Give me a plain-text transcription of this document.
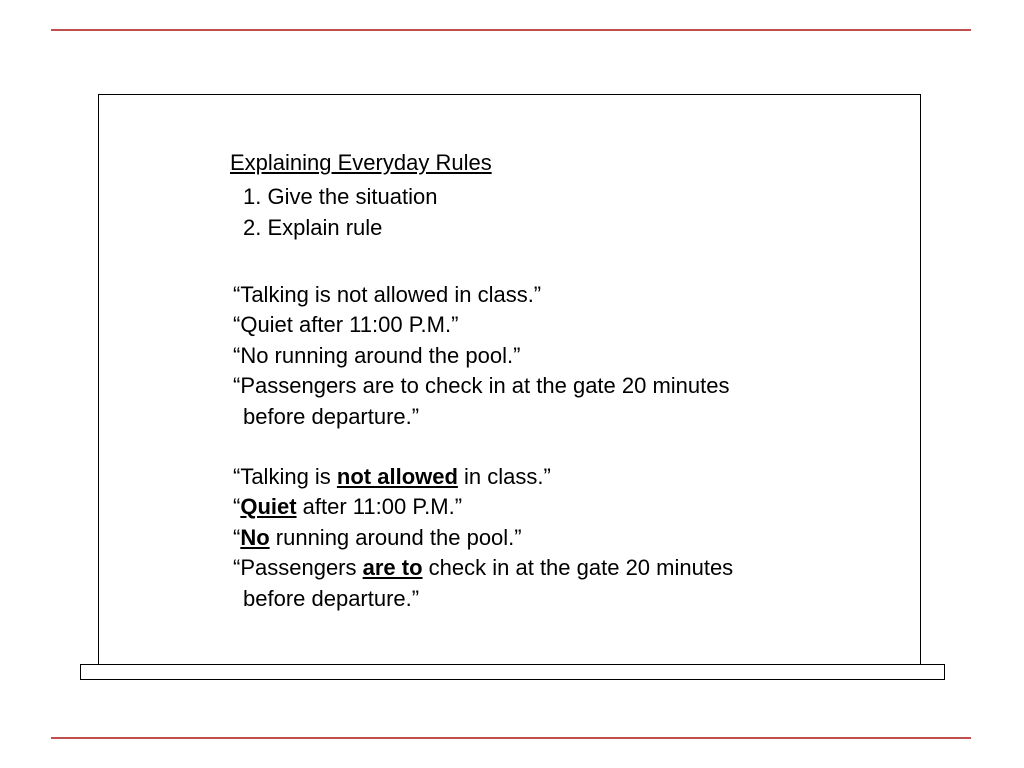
Explaining Everyday Rules
1. Give the situation
2. Explain rule
“Talking is not allowed in class.”
“Quiet after 11:00 P.M.”
“No running around the pool.”
“Passengers are to check in at the gate 20 minutes
before departure.”
“Talking is not allowed in class.”
“Quiet after 11:00 P.M.”
“No running around the pool.”
“Passengers are to check in at the gate 20 minutes
before departure.”
